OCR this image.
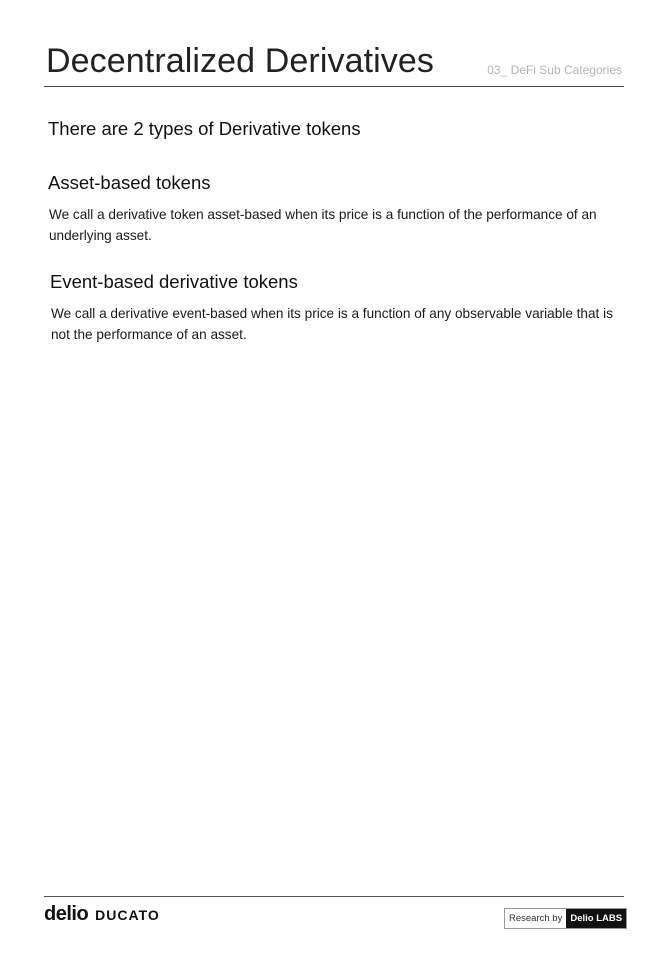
Decentralized Derivatives	03_ DeFi Sub Categories
There are 2 types of Derivative tokens
Asset-based tokens

We call a derivative token asset-based when its price is a function of the performance of an underlying asset.

Event-based derivative tokens

We call a derivative event-based when its price is a function of any observable variable that is not the performance of an asset.

delio DUCATO	Research by Delio LABS
